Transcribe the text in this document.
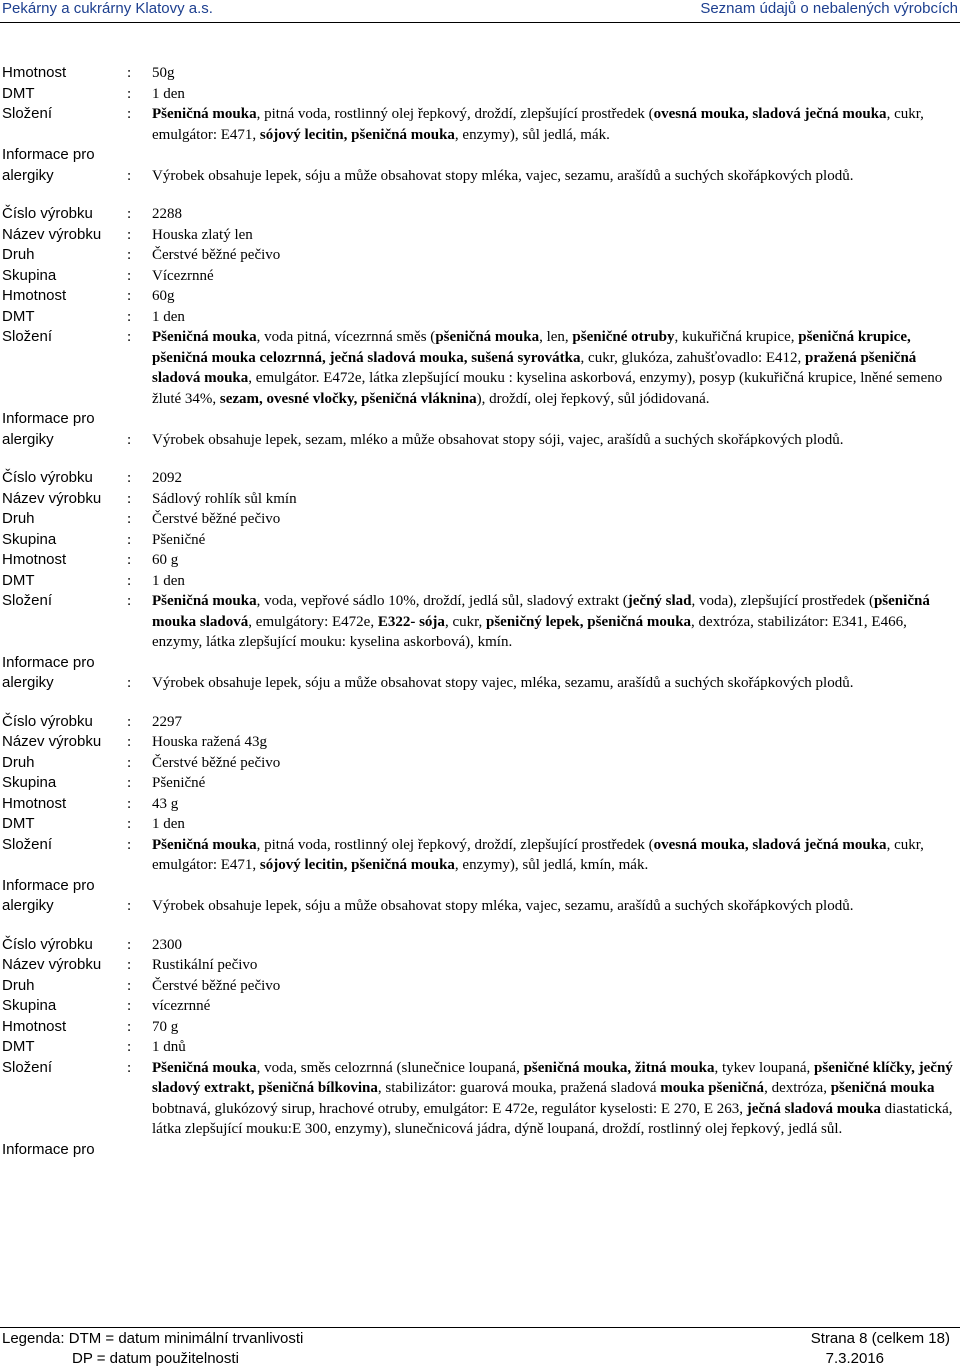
Pekárny a cukrárny Klatovy a.s.	Seznam údajů o nebalených výrobcích
Hmotnost	: 50g
DMT	: 1 den
Složení	: Pšeničná mouka, pitná voda, rostlinný olej řepkový, droždí, zlepšující prostředek (ovesná mouka, sladová ječná mouka, cukr, emulgátor: E471, sójový lecitin, pšeničná mouka, enzymy), sůl jedlá, mák.
Informace pro
alergiky	: Výrobek obsahuje lepek, sóju a může obsahovat stopy mléka, vajec, sezamu, arašídů a suchých skořápkových plodů.
Číslo výrobku : 2288
Název výrobku : Houska zlatý len
Druh	: Čerstvé běžné pečivo
Skupina	: Vícezrnné
Hmotnost	: 60g
DMT	: 1 den
Složení	: Pšeničná mouka, voda pitná, vícezrnná směs (pšeničná mouka, len, pšeničné otruby, kukuřičná krupice, pšeničná krupice, pšeničná mouka celozrnná, ječná sladová mouka, sušená syrovátka, cukr, glukóza, zahušťovadlo: E412, pražená pšeničná sladová mouka, emulgátor. E472e, látka zlepšující mouku : kyselina askorbová, enzymy), posyp (kukuřičná krupice, lněné semeno žluté 34%, sezam, ovesné vločky, pšeničná vláknina), droždí, olej řepkový, sůl jódidovaná.
Informace pro
alergiky	: Výrobek obsahuje lepek, sezam, mléko a může obsahovat stopy sóji, vajec, arašídů a suchých skořápkových plodů.
Číslo výrobku : 2092
Název výrobku : Sádlový rohlík sůl kmín
Druh	: Čerstvé běžné pečivo
Skupina	: Pšeničné
Hmotnost	: 60 g
DMT	: 1 den
Složení	: Pšeničná mouka, voda, vepřové sádlo 10%, droždí, jedlá sůl, sladový extrakt (ječný slad, voda), zlepšující prostředek (pšeničná mouka sladová, emulgátory: E472e, E322- sója, cukr, pšeničný lepek, pšeničná mouka, dextróza, stabilizátor: E341, E466, enzymy, látka zlepšující mouku: kyselina askorbová), kmín.
Informace pro
alergiky	: Výrobek obsahuje lepek, sóju a může obsahovat stopy vajec, mléka, sezamu, arašídů a suchých skořápkových plodů.
Číslo výrobku : 2297
Název výrobku : Houska ražená 43g
Druh	: Čerstvé běžné pečivo
Skupina	: Pšeničné
Hmotnost	: 43 g
DMT	: 1 den
Složení	: Pšeničná mouka, pitná voda, rostlinný olej řepkový, droždí, zlepšující prostředek (ovesná mouka, sladová ječná mouka, cukr, emulgátor: E471, sójový lecitin, pšeničná mouka, enzymy), sůl jedlá, kmín, mák.
Informace pro
alergiky	: Výrobek obsahuje lepek, sóju a může obsahovat stopy mléka, vajec, sezamu, arašídů a suchých skořápkových plodů.
Číslo výrobku : 2300
Název výrobku : Rustikální pečivo
Druh	: Čerstvé běžné pečivo
Skupina	: vícezrnné
Hmotnost	: 70 g
DMT	: 1 dnů
Složení	: Pšeničná mouka, voda, směs celozrnná (slunečnice loupaná, pšeničná mouka, žitná mouka, tykev loupaná, pšeničné klíčky, ječný sladový extrakt, pšeničná bílkovina, stabilizátor: guarová mouka, pražená sladová mouka pšeničná, dextróza, pšeničná mouka bobtnavá, glukózový sirup, hrachové otruby, emulgátor: E 472e, regulátor kyselosti: E 270, E 263, ječná sladová mouka diastatická, látka zlepšující mouku:E 300, enzymy), slunečnicová jádra, dýně loupaná, droždí, rostlinný olej řepkový, jedlá sůl.
Informace pro
Legenda: DTM = datum minimální trvanlivosti
DP = datum použitelnosti
Strana 8 (celkem 18)
7.3.2016
